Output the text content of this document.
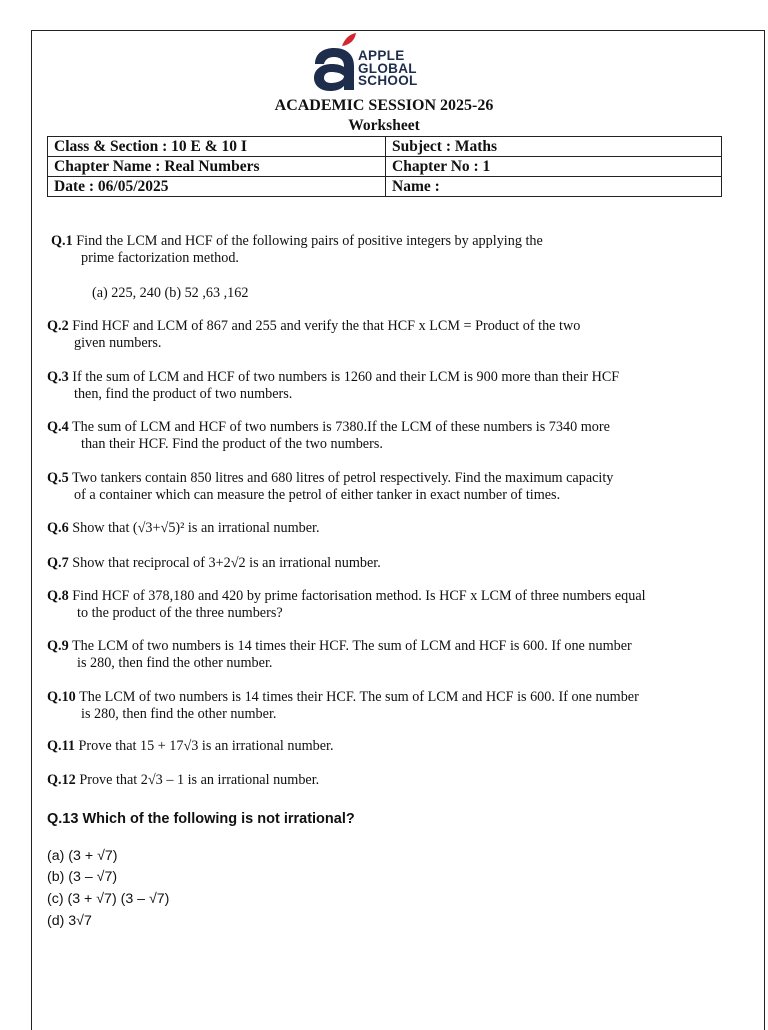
APPLE
GLOBAL
SCHOOL
ACADEMIC SESSION 2025-26
Worksheet
Class & Section : 10 E & 10 I	Subject : Maths
Chapter Name : Real Numbers	Chapter No : 1
Date : 06/05/2025	Name :
Q.1 Find the LCM and HCF of the following pairs of positive integers by applying the
prime factorization method.
(a) 225, 240 (b) 52 ,63 ,162
Q.2 Find HCF and LCM of 867 and 255 and verify the that HCF x LCM = Product of the two
given numbers.
Q.3 If the sum of LCM and HCF of two numbers is 1260 and their LCM is 900 more than their HCF
then, find the product of two numbers.
Q.4 The sum of LCM and HCF of two numbers is 7380.If the LCM of these numbers is 7340 more
than their HCF. Find the product of the two numbers.
Q.5 Two tankers contain 850 litres and 680 litres of petrol respectively. Find the maximum capacity
of a container which can measure the petrol of either tanker in exact number of times.
Q.6 Show that (√3+√5)² is an irrational number.
Q.7 Show that reciprocal of 3+2√2 is an irrational number.
Q.8 Find HCF of 378,180 and 420 by prime factorisation method. Is HCF x LCM of three numbers equal
to the product of the three numbers?
Q.9 The LCM of two numbers is 14 times their HCF. The sum of LCM and HCF is 600. If one number
is 280, then find the other number.
Q.10 The LCM of two numbers is 14 times their HCF. The sum of LCM and HCF is 600. If one number
is 280, then find the other number.
Q.11 Prove that 15 + 17√3 is an irrational number.
Q.12 Prove that 2√3 – 1 is an irrational number.
Q.13 Which of the following is not irrational?
(a) (3 + √7)
(b) (3 – √7)
(c) (3 + √7) (3 – √7)
(d) 3√7
